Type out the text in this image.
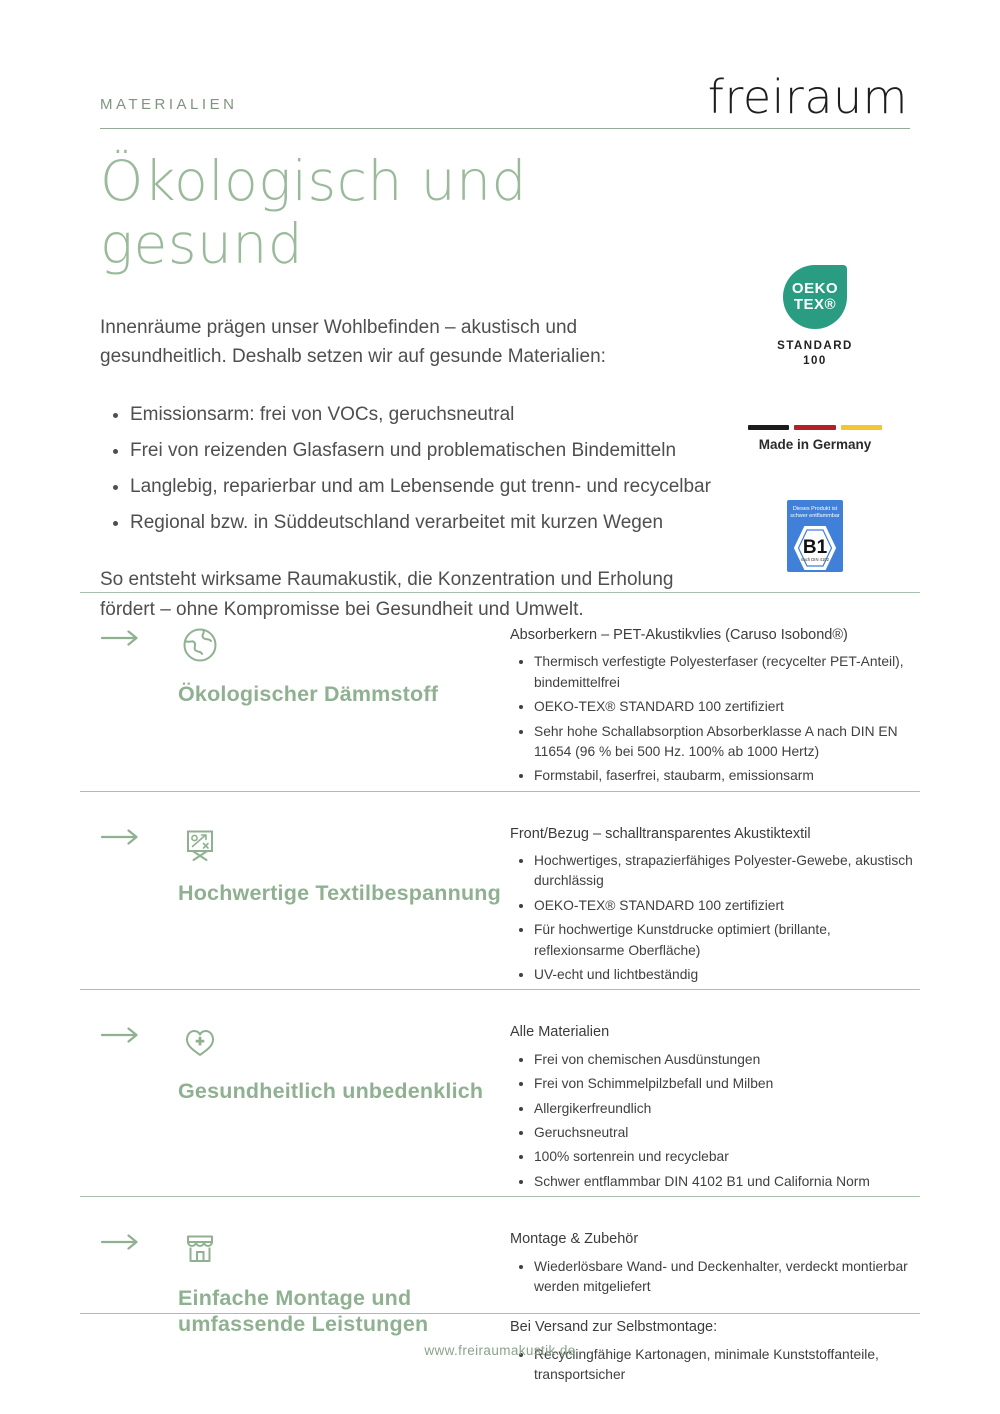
MATERIALIEN	freiraum
Ökologisch und gesund

Innenräume prägen unser Wohlbefinden – akustisch und gesundheitlich. Deshalb setzen wir auf gesunde Materialien:

• Emissionsarm: frei von VOCs, geruchsneutral
• Frei von reizenden Glasfasern und problematischen Bindemitteln
• Langlebig, reparierbar und am Lebensende gut trenn- und recycelbar
• Regional bzw. in Süddeutschland verarbeitet mit kurzen Wegen

So entsteht wirksame Raumakustik, die Konzentration und Erholung fördert – ohne Kompromisse bei Gesundheit und Umwelt.

OEKO
TEX®
STANDARD
100
Made in Germany
Dieses Produkt ist
schwer entflammbar
B1
nach DIN 4102
Ökologischer Dämmstoff

Absorberkern – PET-Akustikvlies (Caruso Isobond®)

• Thermisch verfestigte Polyesterfaser (recycelter PET-Anteil), bindemittelfrei
• OEKO-TEX® STANDARD 100 zertifiziert
• Sehr hohe Schallabsorption Absorberklasse A nach DIN EN 11654 (96 % bei 500 Hz. 100% ab 1000 Hertz)
• Formstabil, faserfrei, staubarm, emissionsarm
Hochwertige Textilbespannung

Front/Bezug – schalltransparentes Akustiktextil

• Hochwertiges, strapazierfähiges Polyester-Gewebe, akustisch durchlässig
• OEKO-TEX® STANDARD 100 zertifiziert
• Für hochwertige Kunstdrucke optimiert (brillante, reflexionsarme Oberfläche)
• UV-echt und lichtbeständig
Gesundheitlich unbedenklich

Alle Materialien

• Frei von chemischen Ausdünstungen
• Frei von Schimmelpilzbefall und Milben
• Allergikerfreundlich
• Geruchsneutral
• 100% sortenrein und recyclebar
• Schwer entflammbar DIN 4102 B1 und California Norm
Einfache Montage und umfassende Leistungen

Montage & Zubehör

• Wiederlösbare Wand- und Deckenhalter, verdeckt montierbar werden mitgeliefert

Bei Versand zur Selbstmontage:

• Recyclingfähige Kartonagen, minimale Kunststoffanteile, transportsicher
www.freiraumakustik.de
